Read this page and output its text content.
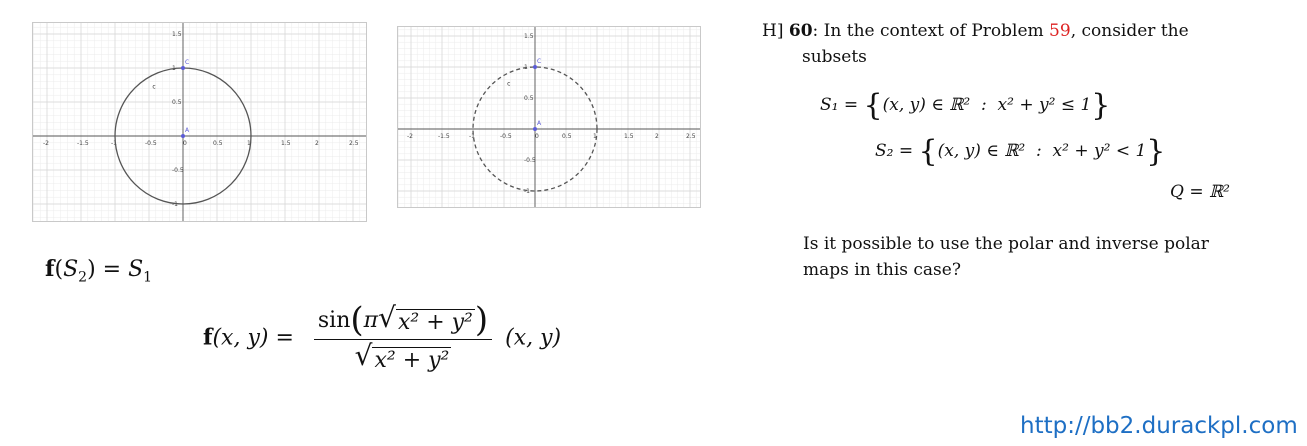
-2	-1.5	-1	-0.5	0	0.5	1	1.5	2	2.5
1.5
1
0.5
-0.5
-1
A
C
c
-2	-1.5	-1	-0.5	0	0.5	1	1.5	2	2.5
1.5
1
0.5
-0.5
-1
A
C
c
$f(S_2) = S_1$
f(x, $y) = \frac{\text{sin(π √ x² + y² )}}{\text{√ x² + y²}} (x$, y)

H] 60: In the context of Problem 59, consider the
subsets

S₁ = {(x, y) ∈ ℝ²  :  x² + y² ≤ 1}
S₂ = {(x, y) ∈ ℝ²  :  x² + y² < 1}
Q = ℝ²
Is it possible to use the polar and inverse polar maps in this case?
http://bb2.durackpl.com
